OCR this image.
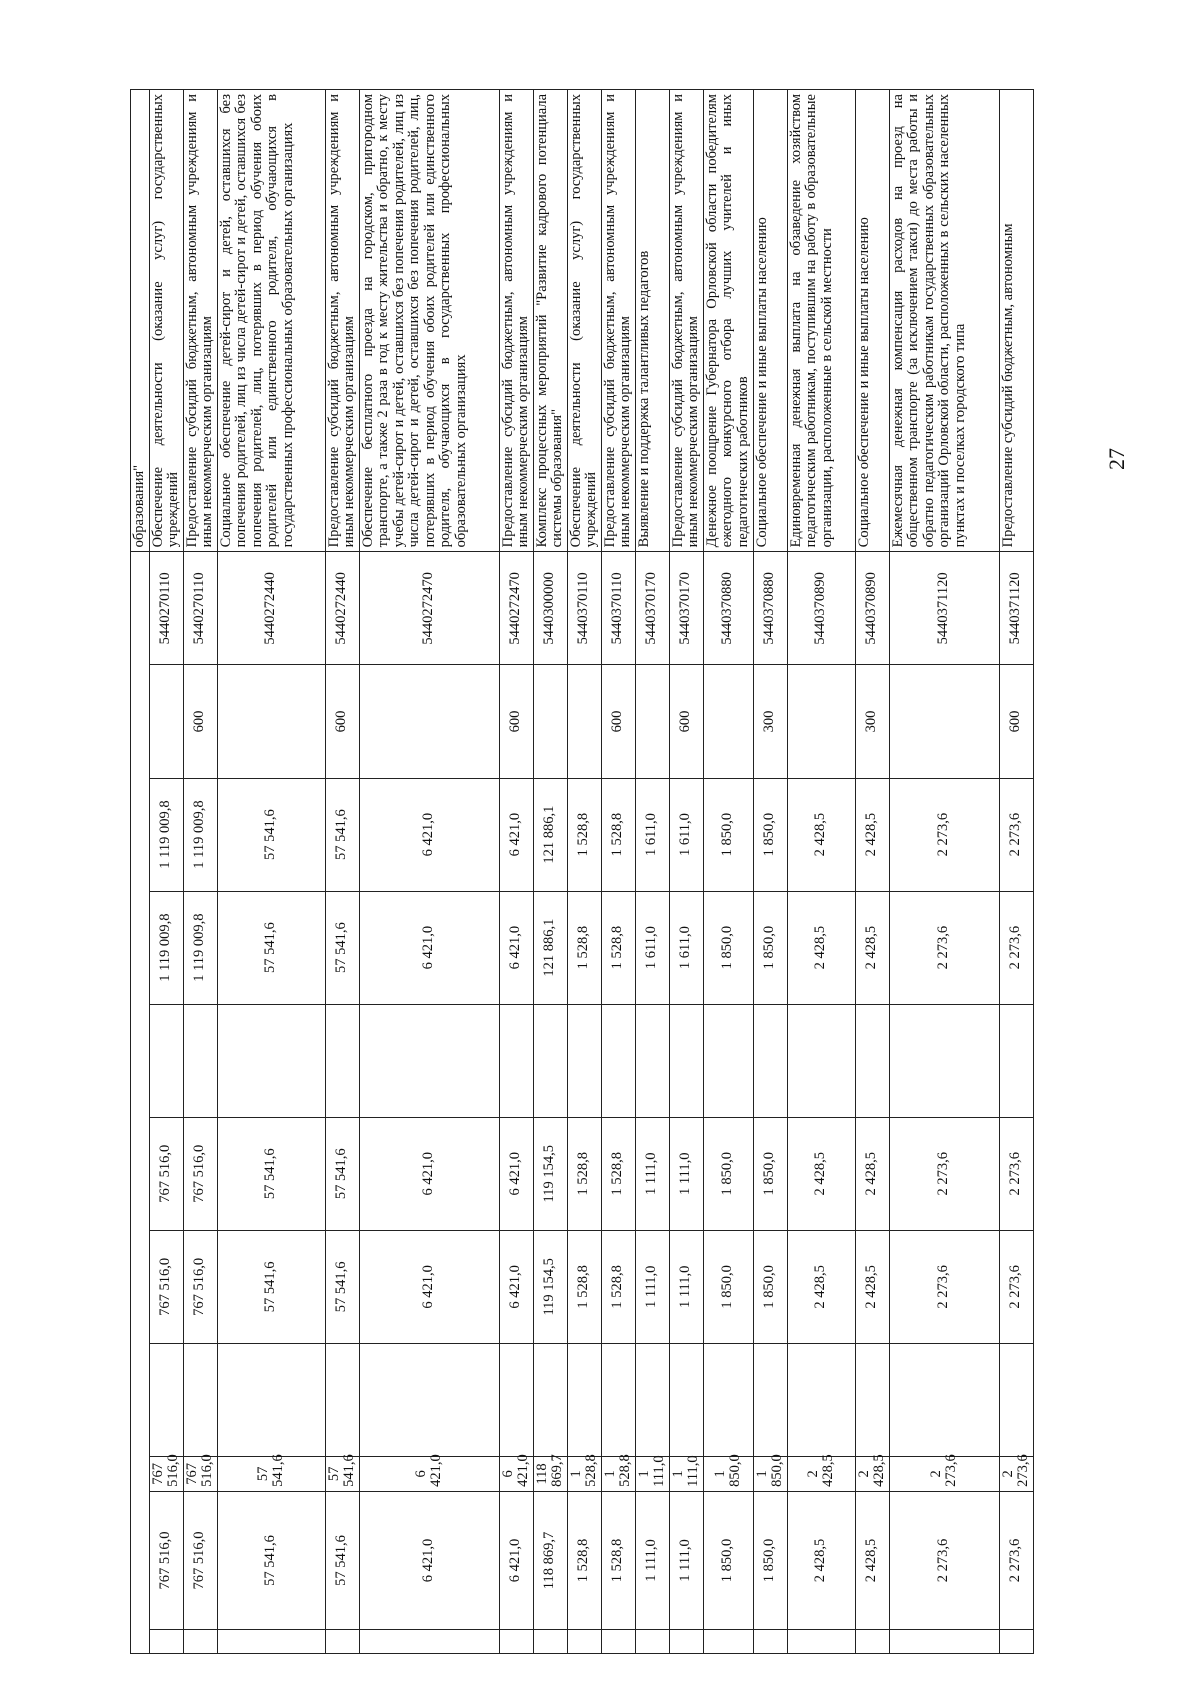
27
											образования"
	767 516,0	767 516,0		767 516,0	767 516,0		1 119 009,8	1 119 009,8		5440270110	Обеспечение деятельности (оказание услуг) государственных учреждений
	767 516,0	767 516,0		767 516,0	767 516,0		1 119 009,8	1 119 009,8	600	5440270110	Предоставление субсидий бюджетным, автономным учреждениям и иным некоммерческим организациям
	57 541,6	57 541,6		57 541,6	57 541,6		57 541,6	57 541,6		5440272440	Социальное обеспечение детей-сирот и детей, оставшихся без попечения родителей, лиц из числа детей-сирот и детей, оставшихся без попечения родителей, лиц, потерявших в период обучения обоих родителей или единственного родителя, обучающихся в государственных профессиональных образовательных организациях
	57 541,6	57 541,6		57 541,6	57 541,6		57 541,6	57 541,6	600	5440272440	Предоставление субсидий бюджетным, автономным учреждениям и иным некоммерческим организациям
	6 421,0	6 421,0		6 421,0	6 421,0		6 421,0	6 421,0		5440272470	Обеспечение бесплатного проезда на городском, пригородном транспорте, а также 2 раза в год к месту жительства и обратно, к месту учебы детей-сирот и детей, оставшихся без попечения родителей, лиц из числа детей-сирот и детей, оставшихся без попечения родителей, лиц, потерявших в период обучения обоих родителей или единственного родителя, обучающихся в государственных профессиональных образовательных организациях
	6 421,0	6 421,0		6 421,0	6 421,0		6 421,0	6 421,0	600	5440272470	Предоставление субсидий бюджетным, автономным учреждениям и иным некоммерческим организациям
	118 869,7	118 869,7		119 154,5	119 154,5		121 886,1	121 886,1		5440300000	Комплекс процессных мероприятий "Развитие кадрового потенциала системы образования"
	1 528,8	1 528,8		1 528,8	1 528,8		1 528,8	1 528,8		5440370110	Обеспечение деятельности (оказание услуг) государственных учреждений
	1 528,8	1 528,8		1 528,8	1 528,8		1 528,8	1 528,8	600	5440370110	Предоставление субсидий бюджетным, автономным учреждениям и иным некоммерческим организациям
	1 111,0	1 111,0		1 111,0	1 111,0		1 611,0	1 611,0		5440370170	Выявление и поддержка талантливых педагогов
	1 111,0	1 111,0		1 111,0	1 111,0		1 611,0	1 611,0	600	5440370170	Предоставление субсидий бюджетным, автономным учреждениям и иным некоммерческим организациям
	1 850,0	1 850,0		1 850,0	1 850,0		1 850,0	1 850,0		5440370880	Денежное поощрение Губернатора Орловской области победителям ежегодного конкурсного отбора лучших учителей и иных педагогических работников
	1 850,0	1 850,0		1 850,0	1 850,0		1 850,0	1 850,0	300	5440370880	Социальное обеспечение и иные выплаты населению
	2 428,5	2 428,5		2 428,5	2 428,5		2 428,5	2 428,5		5440370890	Единовременная денежная выплата на обзаведение хозяйством педагогическим работникам, поступившим на работу в образовательные организации, расположенные в сельской местности
	2 428,5	2 428,5		2 428,5	2 428,5		2 428,5	2 428,5	300	5440370890	Социальное обеспечение и иные выплаты населению
	2 273,6	2 273,6		2 273,6	2 273,6		2 273,6	2 273,6		5440371120	Ежемесячная денежная компенсация расходов на проезд на общественном транспорте (за исключением такси) до места работы и обратно педагогическим работникам государственных образовательных организаций Орловской области, расположенных в сельских населенных пунктах и поселках городского типа
	2 273,6	2 273,6		2 273,6	2 273,6		2 273,6	2 273,6	600	5440371120	Предоставление субсидий бюджетным, автономным
